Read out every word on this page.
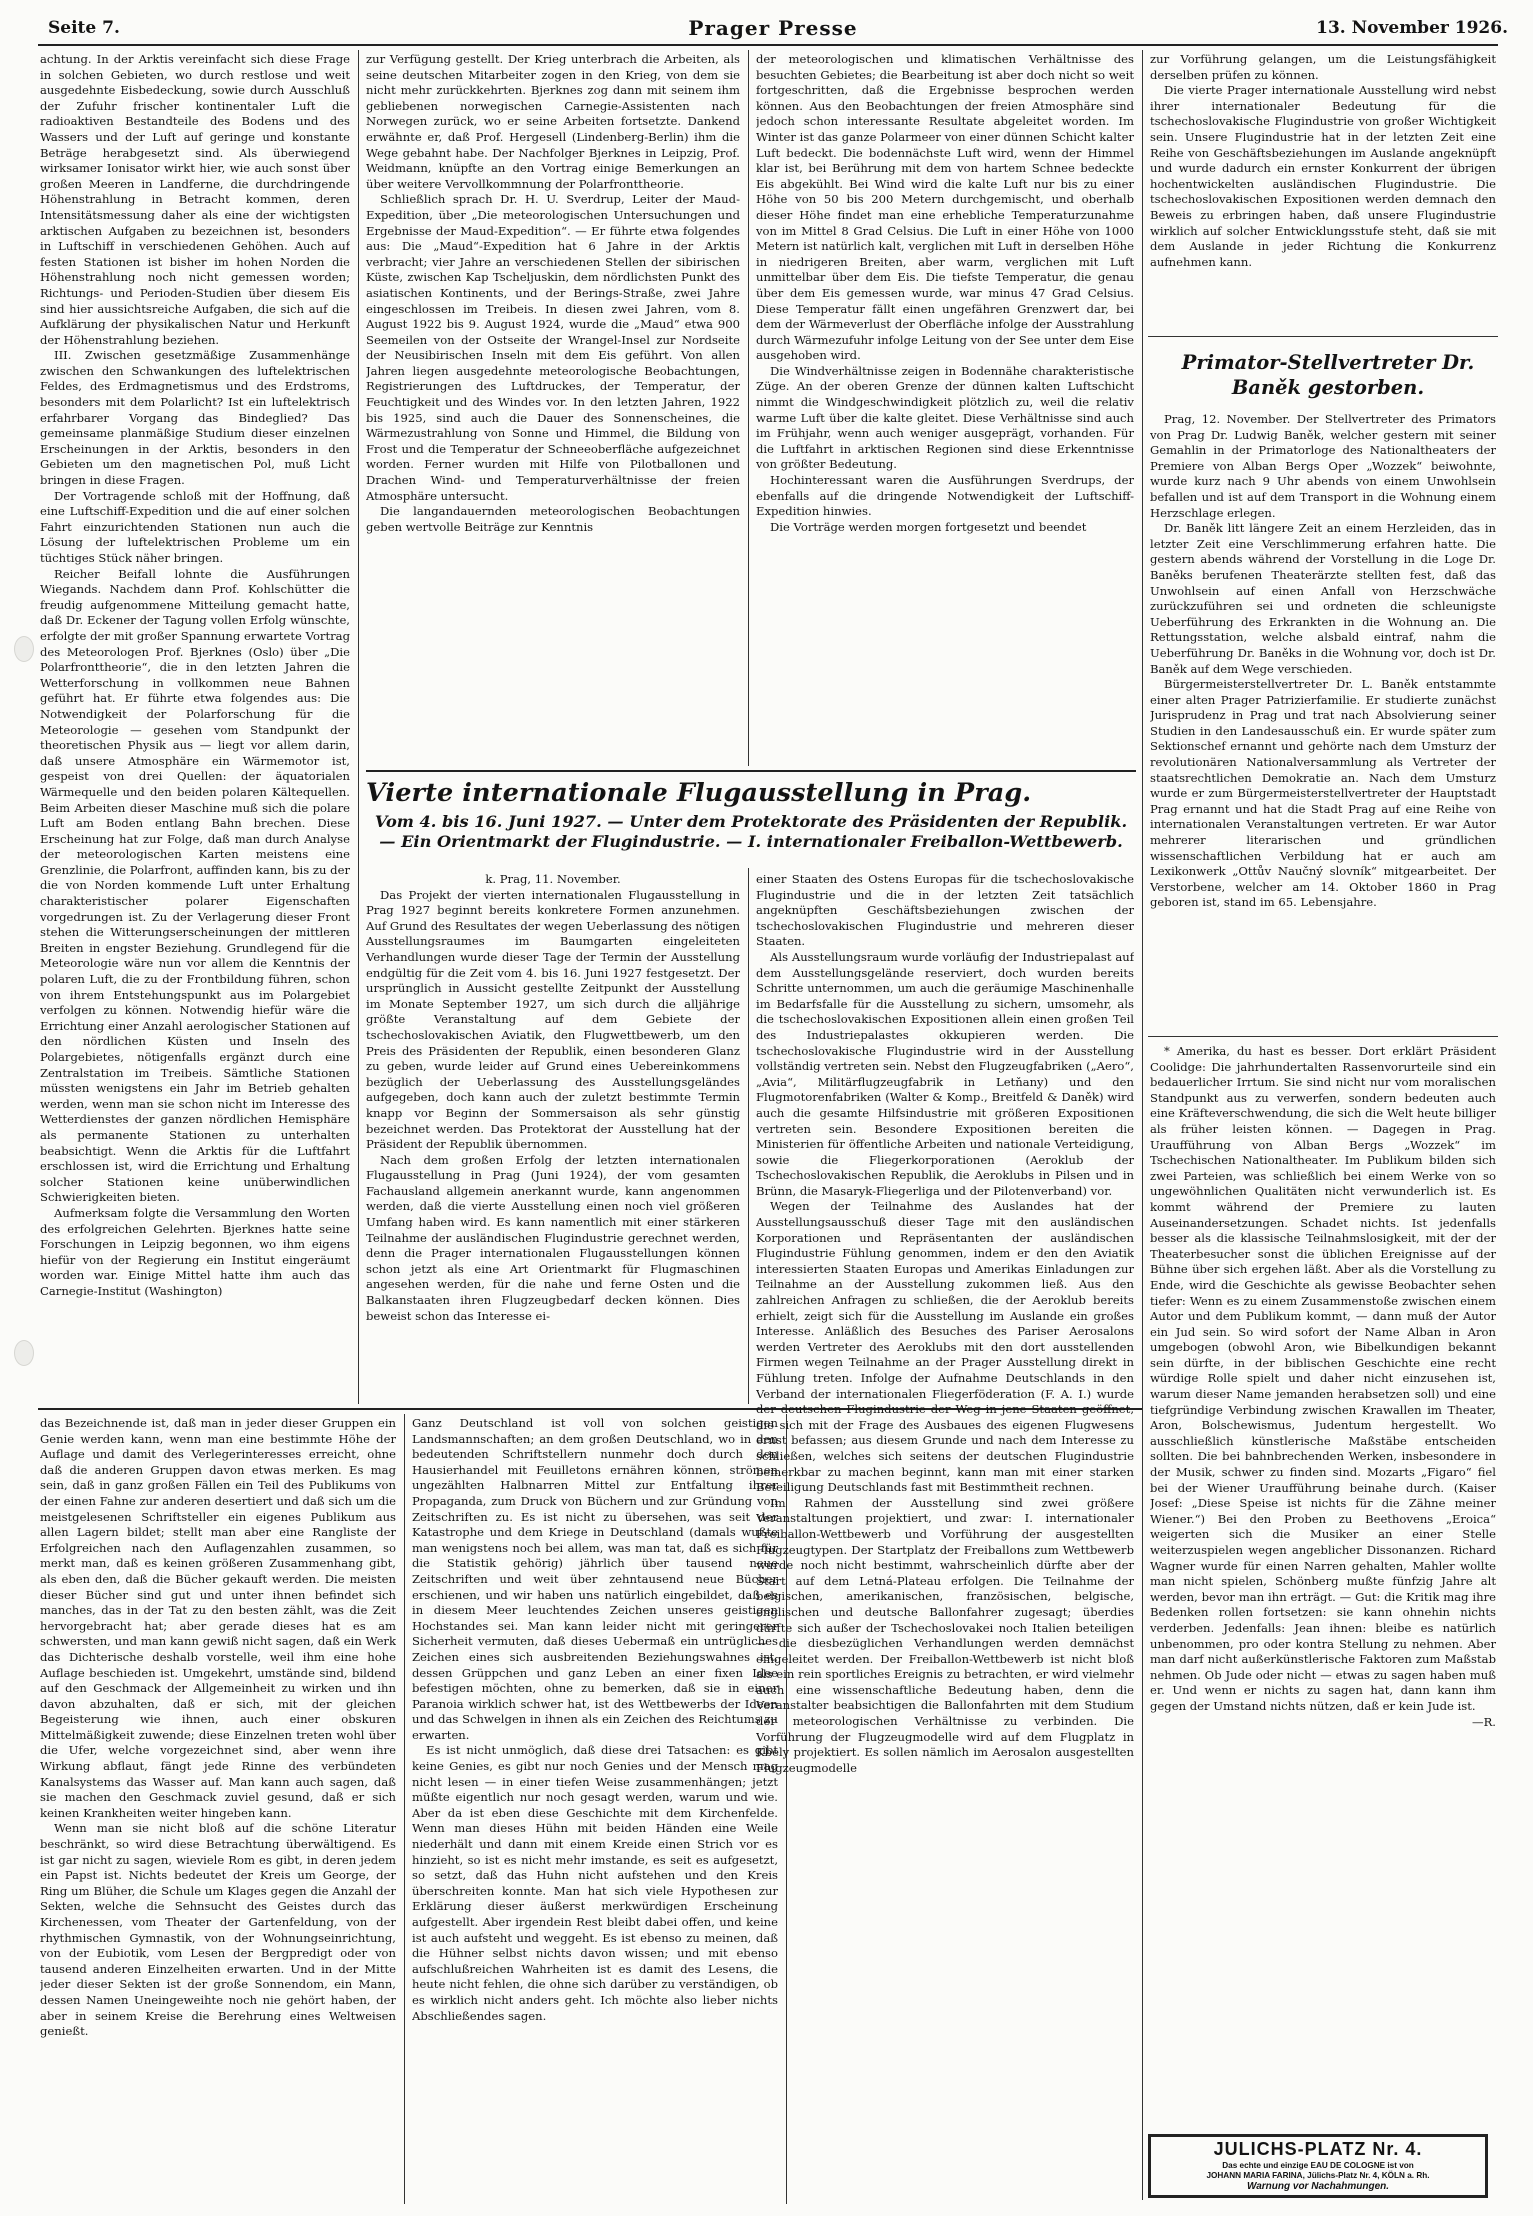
Seite 7.	Prager Presse	13. November 1926.

achtung. In der Arktis vereinfacht sich diese Frage in solchen Gebieten, wo durch restlose und weit ausgedehnte Eisbedeckung, sowie durch Ausschluß der Zufuhr frischer kontinentaler Luft die radioaktiven Bestandteile des Bodens und des Wassers und der Luft auf geringe und konstante Beträge herabgesetzt sind. Als überwiegend wirksamer Ionisator wirkt hier, wie auch sonst über großen Meeren in Landferne, die durchdringende Höhenstrahlung in Betracht kommen, deren Intensitätsmessung daher als eine der wichtigsten arktischen Aufgaben zu bezeichnen ist, besonders in Luftschiff in verschiedenen Gehöhen. Auch auf festen Stationen ist bisher im hohen Norden die Höhenstrahlung noch nicht gemessen worden; Richtungs- und Perioden-Studien über diesem Eis sind hier aussichtsreiche Aufgaben, die sich auf die Aufklärung der physikalischen Natur und Herkunft der Höhenstrahlung beziehen.

III. Zwischen gesetzmäßige Zusammenhänge zwischen den Schwankungen des luftelektrischen Feldes, des Erdmagnetismus und des Erdstroms, besonders mit dem Polarlicht? Ist ein luftelektrisch erfahrbarer Vorgang das Bindeglied? Das gemeinsame planmäßige Studium dieser einzelnen Erscheinungen in der Arktis, besonders in den Gebieten um den magnetischen Pol, muß Licht bringen in diese Fragen.

Der Vortragende schloß mit der Hoffnung, daß eine Luftschiff-Expedition und die auf einer solchen Fahrt einzurichtenden Stationen nun auch die Lösung der luftelektrischen Probleme um ein tüchtiges Stück näher bringen.

Reicher Beifall lohnte die Ausführungen Wiegands. Nachdem dann Prof. Kohlschütter die freudig aufgenommene Mitteilung gemacht hatte, daß Dr. Eckener der Tagung vollen Erfolg wünschte, erfolgte der mit großer Spannung erwartete Vortrag des Meteorologen Prof. Bjerknes (Oslo) über „Die Polarfronttheorie“, die in den letzten Jahren die Wetterforschung in vollkommen neue Bahnen geführt hat. Er führte etwa folgendes aus: Die Notwendigkeit der Polarforschung für die Meteorologie — gesehen vom Standpunkt der theoretischen Physik aus — liegt vor allem darin, daß unsere Atmosphäre ein Wärmemotor ist, gespeist von drei Quellen: der äquatorialen Wärmequelle und den beiden polaren Kältequellen. Beim Arbeiten dieser Maschine muß sich die polare Luft am Boden entlang Bahn brechen. Diese Erscheinung hat zur Folge, daß man durch Analyse der meteorologischen Karten meistens eine Grenzlinie, die Polarfront, auffinden kann, bis zu der die von Norden kommende Luft unter Erhaltung charakteristischer polarer Eigenschaften vorgedrungen ist. Zu der Verlagerung dieser Front stehen die Witterungserscheinungen der mittleren Breiten in engster Beziehung. Grundlegend für die Meteorologie wäre nun vor allem die Kenntnis der polaren Luft, die zu der Frontbildung führen, schon von ihrem Entstehungspunkt aus im Polargebiet verfolgen zu können. Notwendig hiefür wäre die Errichtung einer Anzahl aerologischer Stationen auf den nördlichen Küsten und Inseln des Polargebietes, nötigenfalls ergänzt durch eine Zentralstation im Treibeis. Sämtliche Stationen müssten wenigstens ein Jahr im Betrieb gehalten werden, wenn man sie schon nicht im Interesse des Wetterdienstes der ganzen nördlichen Hemisphäre als permanente Stationen zu unterhalten beabsichtigt. Wenn die Arktis für die Luftfahrt erschlossen ist, wird die Errichtung und Erhaltung solcher Stationen keine unüberwindlichen Schwierigkeiten bieten.

Aufmerksam folgte die Versammlung den Worten des erfolgreichen Gelehrten. Bjerknes hatte seine Forschungen in Leipzig begonnen, wo ihm eigens hiefür von der Regierung ein Institut eingeräumt worden war. Einige Mittel hatte ihm auch das Carnegie-Institut (Washington)

zur Verfügung gestellt. Der Krieg unterbrach die Arbeiten, als seine deutschen Mitarbeiter zogen in den Krieg, von dem sie nicht mehr zurückkehrten. Bjerknes zog dann mit seinem ihm gebliebenen norwegischen Carnegie-Assistenten nach Norwegen zurück, wo er seine Arbeiten fortsetzte. Dankend erwähnte er, daß Prof. Hergesell (Lindenberg-Berlin) ihm die Wege gebahnt habe. Der Nachfolger Bjerknes in Leipzig, Prof. Weidmann, knüpfte an den Vortrag einige Bemerkungen an über weitere Vervollkommnung der Polarfronttheorie.

Schließlich sprach Dr. H. U. Sverdrup, Leiter der Maud-Expedition, über „Die meteorologischen Untersuchungen und Ergebnisse der Maud-Expedition“. — Er führte etwa folgendes aus: Die „Maud“-Expedition hat 6 Jahre in der Arktis verbracht; vier Jahre an verschiedenen Stellen der sibirischen Küste, zwischen Kap Tscheljuskin, dem nördlichsten Punkt des asiatischen Kontinents, und der Berings-Straße, zwei Jahre eingeschlossen im Treibeis. In diesen zwei Jahren, vom 8. August 1922 bis 9. August 1924, wurde die „Maud“ etwa 900 Seemeilen von der Ostseite der Wrangel-Insel zur Nordseite der Neusibirischen Inseln mit dem Eis geführt. Von allen Jahren liegen ausgedehnte meteorologische Beobachtungen, Registrierungen des Luftdruckes, der Temperatur, der Feuchtigkeit und des Windes vor. In den letzten Jahren, 1922 bis 1925, sind auch die Dauer des Sonnenscheines, die Wärmezustrahlung von Sonne und Himmel, die Bildung von Frost und die Temperatur der Schneeoberfläche aufgezeichnet worden. Ferner wurden mit Hilfe von Pilotballonen und Drachen Wind- und Temperaturverhältnisse der freien Atmosphäre untersucht.

Die langandauernden meteorologischen Beobachtungen geben wertvolle Beiträge zur Kenntnis

der meteorologischen und klimatischen Verhältnisse des besuchten Gebietes; die Bearbeitung ist aber doch nicht so weit fortgeschritten, daß die Ergebnisse besprochen werden können. Aus den Beobachtungen der freien Atmosphäre sind jedoch schon interessante Resultate abgeleitet worden. Im Winter ist das ganze Polarmeer von einer dünnen Schicht kalter Luft bedeckt. Die bodennächste Luft wird, wenn der Himmel klar ist, bei Berührung mit dem von hartem Schnee bedeckte Eis abgekühlt. Bei Wind wird die kalte Luft nur bis zu einer Höhe von 50 bis 200 Metern durchgemischt, und oberhalb dieser Höhe findet man eine erhebliche Temperaturzunahme von im Mittel 8 Grad Celsius. Die Luft in einer Höhe von 1000 Metern ist natürlich kalt, verglichen mit Luft in derselben Höhe in niedrigeren Breiten, aber warm, verglichen mit Luft unmittelbar über dem Eis. Die tiefste Temperatur, die genau über dem Eis gemessen wurde, war minus 47 Grad Celsius. Diese Temperatur fällt einen ungefähren Grenzwert dar, bei dem der Wärmeverlust der Oberfläche infolge der Ausstrahlung durch Wärmezufuhr infolge Leitung von der See unter dem Eise ausgehoben wird.

Die Windverhältnisse zeigen in Bodennähe charakteristische Züge. An der oberen Grenze der dünnen kalten Luftschicht nimmt die Windgeschwindigkeit plötzlich zu, weil die relativ warme Luft über die kalte gleitet. Diese Verhältnisse sind auch im Frühjahr, wenn auch weniger ausgeprägt, vorhanden. Für die Luftfahrt in arktischen Regionen sind diese Erkenntnisse von größter Bedeutung.

Hochinteressant waren die Ausführungen Sverdrups, der ebenfalls auf die dringende Notwendigkeit der Luftschiff-Expedition hinwies.

Die Vorträge werden morgen fortgesetzt und beendet

zur Vorführung gelangen, um die Leistungsfähigkeit derselben prüfen zu können.

Die vierte Prager internationale Ausstellung wird nebst ihrer internationaler Bedeutung für die tschechoslovakische Flugindustrie von großer Wichtigkeit sein. Unsere Flugindustrie hat in der letzten Zeit eine Reihe von Geschäftsbeziehungen im Auslande angeknüpft und wurde dadurch ein ernster Konkurrent der übrigen hochentwickelten ausländischen Flugindustrie. Die tschechoslovakischen Expositionen werden demnach den Beweis zu erbringen haben, daß unsere Flugindustrie wirklich auf solcher Entwicklungsstufe steht, daß sie mit dem Auslande in jeder Richtung die Konkurrenz aufnehmen kann.

Primator-Stellvertreter Dr. Baněk gestorben.

Prag, 12. November. Der Stellvertreter des Primators von Prag Dr. Ludwig Baněk, welcher gestern mit seiner Gemahlin in der Primatorloge des Nationaltheaters der Premiere von Alban Bergs Oper „Wozzek“ beiwohnte, wurde kurz nach 9 Uhr abends von einem Unwohlsein befallen und ist auf dem Transport in die Wohnung einem Herzschlage erlegen.

Dr. Baněk litt längere Zeit an einem Herzleiden, das in letzter Zeit eine Verschlimmerung erfahren hatte. Die gestern abends während der Vorstellung in die Loge Dr. Baněks berufenen Theaterärzte stellten fest, daß das Unwohlsein auf einen Anfall von Herzschwäche zurückzuführen sei und ordneten die schleunigste Ueberführung des Erkrankten in die Wohnung an. Die Rettungsstation, welche alsbald eintraf, nahm die Ueberführung Dr. Baněks in die Wohnung vor, doch ist Dr. Baněk auf dem Wege verschieden.

Bürgermeisterstellvertreter Dr. L. Baněk entstammte einer alten Prager Patrizierfamilie. Er studierte zunächst Jurisprudenz in Prag und trat nach Absolvierung seiner Studien in den Landesausschuß ein. Er wurde später zum Sektionschef ernannt und gehörte nach dem Umsturz der revolutionären Nationalversammlung als Vertreter der staatsrechtlichen Demokratie an. Nach dem Umsturz wurde er zum Bürgermeisterstellvertreter der Hauptstadt Prag ernannt und hat die Stadt Prag auf eine Reihe von internationalen Veranstaltungen vertreten. Er war Autor mehrerer literarischen und gründlichen wissenschaftlichen Verbildung hat er auch am Lexikonwerk „Ottův Naučný slovník“ mitgearbeitet. Der Verstorbene, welcher am 14. Oktober 1860 in Prag geboren ist, stand im 65. Lebensjahre.

* Amerika, du hast es besser. Dort erklärt Präsident Coolidge: Die jahrhundertalten Rassenvorurteile sind ein bedauerlicher Irrtum. Sie sind nicht nur vom moralischen Standpunkt aus zu verwerfen, sondern bedeuten auch eine Kräfteverschwendung, die sich die Welt heute billiger als früher leisten können. — Dagegen in Prag. Uraufführung von Alban Bergs „Wozzek“ im Tschechischen Nationaltheater. Im Publikum bilden sich zwei Parteien, was schließlich bei einem Werke von so ungewöhnlichen Qualitäten nicht verwunderlich ist. Es kommt während der Premiere zu lauten Auseinandersetzungen. Schadet nichts. Ist jedenfalls besser als die klassische Teilnahmslosigkeit, mit der der Theaterbesucher sonst die üblichen Ereignisse auf der Bühne über sich ergehen läßt. Aber als die Vorstellung zu Ende, wird die Geschichte als gewisse Beobachter sehen tiefer: Wenn es zu einem Zusammenstoße zwischen einem Autor und dem Publikum kommt, — dann muß der Autor ein Jud sein. So wird sofort der Name Alban in Aron umgebogen (obwohl Aron, wie Bibelkundigen bekannt sein dürfte, in der biblischen Geschichte eine recht würdige Rolle spielt und daher nicht einzusehen ist, warum dieser Name jemanden herabsetzen soll) und eine tiefgründige Verbindung zwischen Krawallen im Theater, Aron, Bolschewismus, Judentum hergestellt. Wo ausschließlich künstlerische Maßstäbe entscheiden sollten. Die bei bahnbrechenden Werken, insbesondere in der Musik, schwer zu finden sind. Mozarts „Figaro“ fiel bei der Wiener Uraufführung beinahe durch. (Kaiser Josef: „Diese Speise ist nichts für die Zähne meiner Wiener.“) Bei den Proben zu Beethovens „Eroica“ weigerten sich die Musiker an einer Stelle weiterzuspielen wegen angeblicher Dissonanzen. Richard Wagner wurde für einen Narren gehalten, Mahler wollte man nicht spielen, Schönberg mußte fünfzig Jahre alt werden, bevor man ihn erträgt. — Gut: die Kritik mag ihre Bedenken rollen fortsetzen: sie kann ohnehin nichts verderben. Jedenfalls: Jean ihnen: bleibe es natürlich unbenommen, pro oder kontra Stellung zu nehmen. Aber man darf nicht außerkünstlerische Faktoren zum Maßstab nehmen. Ob Jude oder nicht — etwas zu sagen haben muß er. Und wenn er nichts zu sagen hat, dann kann ihm gegen der Umstand nichts nützen, daß er kein Jude ist.

—R.

Vierte internationale Flugausstellung in Prag.
Vom 4. bis 16. Juni 1927. — Unter dem Protektorate des Präsidenten der Republik. — Ein Orientmarkt der Flugindustrie. — I. internationaler Freiballon-Wettbewerb.

k. Prag, 11. November.

Das Projekt der vierten internationalen Flugausstellung in Prag 1927 beginnt bereits konkretere Formen anzunehmen. Auf Grund des Resultates der wegen Ueberlassung des nötigen Ausstellungsraumes im Baumgarten eingeleiteten Verhandlungen wurde dieser Tage der Termin der Ausstellung endgültig für die Zeit vom 4. bis 16. Juni 1927 festgesetzt. Der ursprünglich in Aussicht gestellte Zeitpunkt der Ausstellung im Monate September 1927, um sich durch die alljährige größte Veranstaltung auf dem Gebiete der tschechoslovakischen Aviatik, den Flugwettbewerb, um den Preis des Präsidenten der Republik, einen besonderen Glanz zu geben, wurde leider auf Grund eines Uebereinkommens bezüglich der Ueberlassung des Ausstellungsgeländes aufgegeben, doch kann auch der zuletzt bestimmte Termin knapp vor Beginn der Sommersaison als sehr günstig bezeichnet werden. Das Protektorat der Ausstellung hat der Präsident der Republik übernommen.

Nach dem großen Erfolg der letzten internationalen Flugausstellung in Prag (Juni 1924), der vom gesamten Fachausland allgemein anerkannt wurde, kann angenommen werden, daß die vierte Ausstellung einen noch viel größeren Umfang haben wird. Es kann namentlich mit einer stärkeren Teilnahme der ausländischen Flugindustrie gerechnet werden, denn die Prager internationalen Flugausstellungen können schon jetzt als eine Art Orientmarkt für Flugmaschinen angesehen werden, für die nahe und ferne Osten und die Balkanstaaten ihren Flugzeugbedarf decken können. Dies beweist schon das Interesse ei-

einer Staaten des Ostens Europas für die tschechoslovakische Flugindustrie und die in der letzten Zeit tatsächlich angeknüpften Geschäftsbeziehungen zwischen der tschechoslovakischen Flugindustrie und mehreren dieser Staaten.

Als Ausstellungsraum wurde vorläufig der Industriepalast auf dem Ausstellungsgelände reserviert, doch wurden bereits Schritte unternommen, um auch die geräumige Maschinenhalle im Bedarfsfalle für die Ausstellung zu sichern, umsomehr, als die tschechoslovakischen Expositionen allein einen großen Teil des Industriepalastes okkupieren werden. Die tschechoslovakische Flugindustrie wird in der Ausstellung vollständig vertreten sein. Nebst den Flugzeugfabriken („Aero“, „Avia“, Militärflugzeugfabrik in Letňany) und den Flugmotorenfabriken (Walter & Komp., Breitfeld & Daněk) wird auch die gesamte Hilfsindustrie mit größeren Expositionen vertreten sein. Besondere Expositionen bereiten die Ministerien für öffentliche Arbeiten und nationale Verteidigung, sowie die Fliegerkorporationen (Aeroklub der Tschechoslovakischen Republik, die Aeroklubs in Pilsen und in Brünn, die Masaryk-Fliegerliga und der Pilotenverband) vor.

Wegen der Teilnahme des Auslandes hat der Ausstellungsausschuß dieser Tage mit den ausländischen Korporationen und Repräsentanten der ausländischen Flugindustrie Fühlung genommen, indem er den den Aviatik interessierten Staaten Europas und Amerikas Einladungen zur Teilnahme an der Ausstellung zukommen ließ. Aus den zahlreichen Anfragen zu schließen, die der Aeroklub bereits erhielt, zeigt sich für die Ausstellung im Auslande ein großes Interesse. Anläßlich des Besuches des Pariser Aerosalons werden Vertreter des Aeroklubs mit den dort ausstellenden Firmen wegen Teilnahme an der Prager Ausstellung direkt in Fühlung treten. Infolge der Aufnahme Deutschlands in den Verband der internationalen Fliegerföderation (F. A. I.) wurde der deutschen Flugindustrie der Weg in jene Staaten geöffnet, die sich mit der Frage des Ausbaues des eigenen Flugwesens ernst befassen; aus diesem Grunde und nach dem Interesse zu schließen, welches sich seitens der deutschen Flugindustrie bemerkbar zu machen beginnt, kann man mit einer starken Beteiligung Deutschlands fast mit Bestimmtheit rechnen.

Im Rahmen der Ausstellung sind zwei größere Veranstaltungen projektiert, und zwar: I. internationaler Freiballon-Wettbewerb und Vorführung der ausgestellten Flugzeugtypen. Der Startplatz der Freiballons zum Wettbewerb wurde noch nicht bestimmt, wahrscheinlich dürfte aber der Start auf dem Letná-Plateau erfolgen. Die Teilnahme der belgischen, amerikanischen, französischen, belgische, englischen und deutsche Ballonfahrer zugesagt; überdies dürfte sich außer der Tschechoslovakei noch Italien beteiligen — die diesbezüglichen Verhandlungen werden demnächst eingeleitet werden. Der Freiballon-Wettbewerb ist nicht bloß als ein rein sportliches Ereignis zu betrachten, er wird vielmehr auch eine wissenschaftliche Bedeutung haben, denn die Veranstalter beabsichtigen die Ballonfahrten mit dem Studium der meteorologischen Verhältnisse zu verbinden. Die Vorführung der Flugzeugmodelle wird auf dem Flugplatz in Kbely projektiert. Es sollen nämlich im Aerosalon ausgestellten Flugzeugmodelle

das Bezeichnende ist, daß man in jeder dieser Gruppen ein Genie werden kann, wenn man eine bestimmte Höhe der Auflage und damit des Verlegerinteresses erreicht, ohne daß die anderen Gruppen davon etwas merken. Es mag sein, daß in ganz großen Fällen ein Teil des Publikums von der einen Fahne zur anderen desertiert und daß sich um die meistgelesenen Schriftsteller ein eigenes Publikum aus allen Lagern bildet; stellt man aber eine Rangliste der Erfolgreichen nach den Auflagenzahlen zusammen, so merkt man, daß es keinen größeren Zusammenhang gibt, als eben den, daß die Bücher gekauft werden. Die meisten dieser Bücher sind gut und unter ihnen befindet sich manches, das in der Tat zu den besten zählt, was die Zeit hervorgebracht hat; aber gerade dieses hat es am schwersten, und man kann gewiß nicht sagen, daß ein Werk das Dichterische deshalb vorstelle, weil ihm eine hohe Auflage beschieden ist. Umgekehrt, umstände sind, bildend auf den Geschmack der Allgemeinheit zu wirken und ihn davon abzuhalten, daß er sich, mit der gleichen Begeisterung wie ihnen, auch einer obskuren Mittelmäßigkeit zuwende; diese Einzelnen treten wohl über die Ufer, welche vorgezeichnet sind, aber wenn ihre Wirkung abflaut, fängt jede Rinne des verbündeten Kanalsystems das Wasser auf. Man kann auch sagen, daß sie machen den Geschmack zuviel gesund, daß er sich keinen Krankheiten weiter hingeben kann.

Wenn man sie nicht bloß auf die schöne Literatur beschränkt, so wird diese Betrachtung überwältigend. Es ist gar nicht zu sagen, wieviele Rom es gibt, in deren jedem ein Papst ist. Nichts bedeutet der Kreis um George, der Ring um Blüher, die Schule um Klages gegen die Anzahl der Sekten, welche die Sehnsucht des Geistes durch das Kirchenessen, vom Theater der Gartenfeldung, von der rhythmischen Gymnastik, von der Wohnungseinrichtung, von der Eubiotik, vom Lesen der Bergpredigt oder von tausend anderen Einzelheiten erwarten. Und in der Mitte jeder dieser Sekten ist der große Sonnendom, ein Mann, dessen Namen Uneingeweihte noch nie gehört haben, der aber in seinem Kreise die Berehrung eines Weltweisen genießt.

Ganz Deutschland ist voll von solchen geistigen Landsmannschaften; an dem großen Deutschland, wo in den bedeutenden Schriftstellern nunmehr doch durch den Hausierhandel mit Feuilletons ernähren können, strömen ungezählten Halbnarren Mittel zur Entfaltung ihrer Propaganda, zum Druck von Büchern und zur Gründung von Zeitschriften zu. Es ist nicht zu übersehen, was seit der Katastrophe und dem Kriege in Deutschland (damals wußte man wenigstens noch bei allem, was man tat, daß es sich für die Statistik gehörig) jährlich über tausend neue Zeitschriften und weit über zehntausend neue Bücher erschienen, und wir haben uns natürlich eingebildet, daß es in diesem Meer leuchtendes Zeichen unseres geistigen Hochstandes sei. Man kann leider nicht mit geringerer Sicherheit vermuten, daß dieses Uebermaß ein untrügliches Zeichen eines sich ausbreitenden Beziehungswahnes ist, dessen Grüppchen und ganz Leben an einer fixen Idee befestigen möchten, ohne zu bemerken, daß sie in einer Paranoia wirklich schwer hat, ist des Wettbewerbs der Ideen und das Schwelgen in ihnen als ein Zeichen des Reichtums zu erwarten.

Es ist nicht unmöglich, daß diese drei Tatsachen: es gibt keine Genies, es gibt nur noch Genies und der Mensch mag nicht lesen — in einer tiefen Weise zusammenhängen; jetzt müßte eigentlich nur noch gesagt werden, warum und wie. Aber da ist eben diese Geschichte mit dem Kirchenfelde. Wenn man dieses Hühn mit beiden Händen eine Weile niederhält und dann mit einem Kreide einen Strich vor es hinzieht, so ist es nicht mehr imstande, es seit es aufgesetzt, so setzt, daß das Huhn nicht aufstehen und den Kreis überschreiten konnte. Man hat sich viele Hypothesen zur Erklärung dieser äußerst merkwürdigen Erscheinung aufgestellt. Aber irgendein Rest bleibt dabei offen, und keine ist auch aufsteht und weggeht. Es ist ebenso zu meinen, daß die Hühner selbst nichts davon wissen; und mit ebenso aufschlußreichen Wahrheiten ist es damit des Lesens, die heute nicht fehlen, die ohne sich darüber zu verständigen, ob es wirklich nicht anders geht. Ich möchte also lieber nichts Abschließendes sagen.

JULICHS-PLATZ Nr. 4.
Das echte und einzige EAU DE COLOGNE ist von
JOHANN MARIA FARINA, Jülichs-Platz Nr. 4, KÖLN a. Rh.
Warnung vor Nachahmungen.
